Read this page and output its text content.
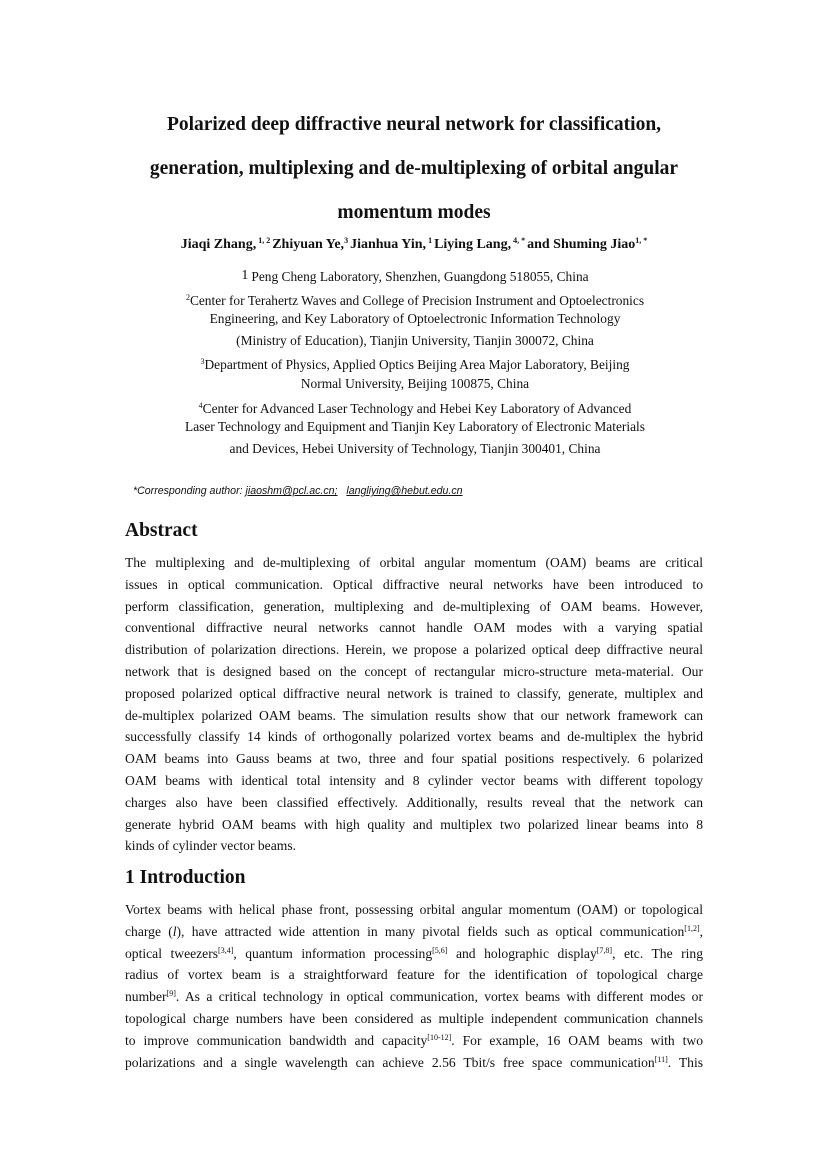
Polarized deep diffractive neural network for classification,
generation, multiplexing and de-multiplexing of orbital angular
momentum modes
Jiaqi Zhang, $^{1, 2}$ Zhiyuan Ye,$^3$ Jianhua Yin, $^1$ Liying Lang, $^{4, *}$ and Shuming Jiao$^{1, *}$
1 Peng Cheng Laboratory, Shenzhen, Guangdong 518055, China
$^2$Center for Terahertz Waves and College of Precision Instrument and Optoelectronics
Engineering, and Key Laboratory of Optoelectronic Information Technology
(Ministry of Education), Tianjin University, Tianjin 300072, China
$^3$Department of Physics, Applied Optics Beijing Area Major Laboratory, Beijing
Normal University, Beijing 100875, China
$^4$Center for Advanced Laser Technology and Hebei Key Laboratory of Advanced
Laser Technology and Equipment and Tianjin Key Laboratory of Electronic Materials
and Devices, Hebei University of Technology, Tianjin 300401, China
*Corresponding author: jiaoshm@pcl.ac.cn; langliying@hebut.edu.cn
Abstract
The multiplexing and de-multiplexing of orbital angular momentum (OAM) beams are critical
issues in optical communication. Optical diffractive neural networks have been introduced to
perform classification, generation, multiplexing and de-multiplexing of OAM beams. However,
conventional diffractive neural networks cannot handle OAM modes with a varying spatial
distribution of polarization directions. Herein, we propose a polarized optical deep diffractive neural
network that is designed based on the concept of rectangular micro-structure meta-material. Our
proposed polarized optical diffractive neural network is trained to classify, generate, multiplex and
de-multiplex polarized OAM beams. The simulation results show that our network framework can
successfully classify 14 kinds of orthogonally polarized vortex beams and de-multiplex the hybrid
OAM beams into Gauss beams at two, three and four spatial positions respectively. 6 polarized
OAM beams with identical total intensity and 8 cylinder vector beams with different topology
charges also have been classified effectively. Additionally, results reveal that the network can
generate hybrid OAM beams with high quality and multiplex two polarized linear beams into 8
kinds of cylinder vector beams.
1 Introduction
Vortex beams with helical phase front, possessing orbital angular momentum (OAM) or topological
charge (l), have attracted wide attention in many pivotal fields such as optical communication[1,2],
optical tweezers[3,4], quantum information processing[5,6] and holographic display[7,8], etc. The ring
radius of vortex beam is a straightforward feature for the identification of topological charge
number[9]. As a critical technology in optical communication, vortex beams with different modes or
topological charge numbers have been considered as multiple independent communication channels
to improve communication bandwidth and capacity[10-12]. For example, 16 OAM beams with two
polarizations and a single wavelength can achieve 2.56 Tbit/s free space communication[11]. This
